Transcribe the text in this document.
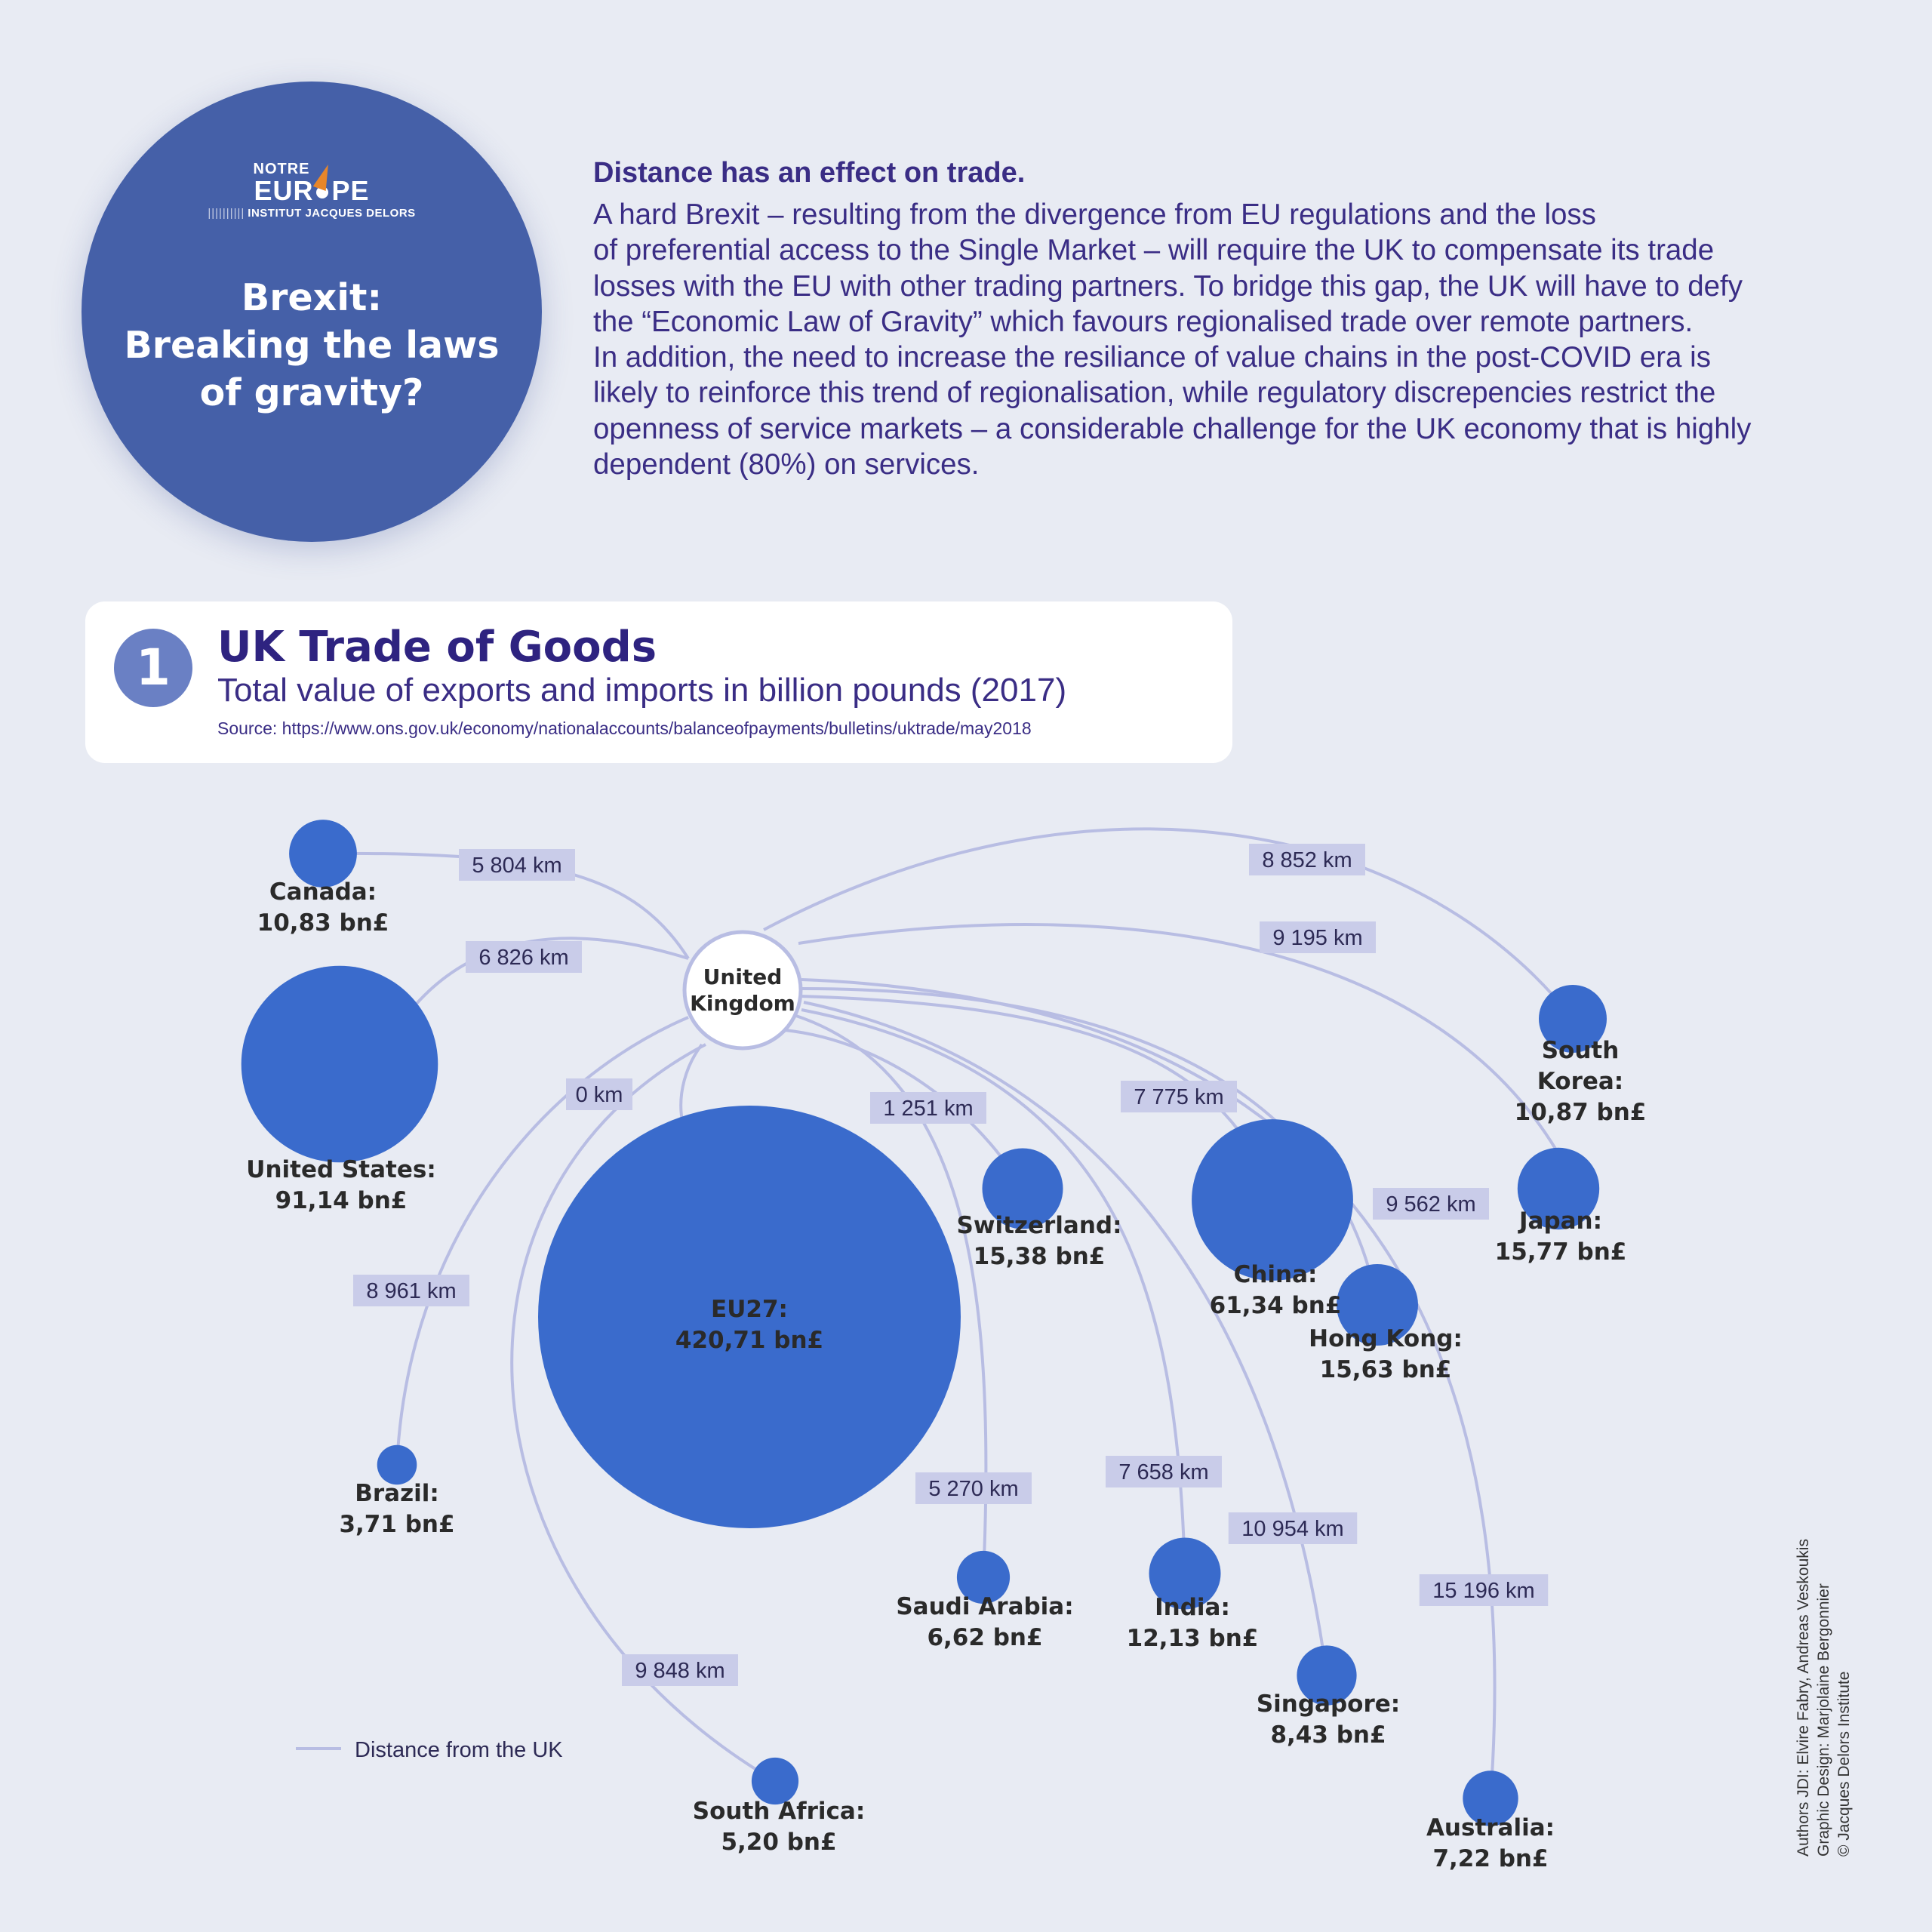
NOTRE
EUR PE
|||||||||| INSTITUT JACQUES DELORS
Brexit:
Breaking the laws
of gravity?
Distance has an effect on trade.
A hard Brexit – resulting from the divergence from EU regulations and the loss
of preferential access to the Single Market – will require the UK to compensate its trade
losses with the EU with other trading partners. To bridge this gap, the UK will have to defy
the “Economic Law of Gravity” which favours regionalised trade over remote partners.
In addition, the need to increase the resiliance of value chains in the post-COVID era is
likely to reinforce this trend of regionalisation, while regulatory discrepencies restrict the
openness of service markets – a considerable challenge for the UK economy that is highly
dependent (80%) on services.
1	UK Trade of Goods
Total value of exports and imports in billion pounds (2017)
Source: https://www.ons.gov.uk/economy/nationalaccounts/balanceofpayments/bulletins/uktrade/may2018
5 804 km
6 826 km
8 961 km
0 km
9 848 km
1 251 km
5 270 km
7 775 km
7 658 km
10 954 km
9 562 km
8 852 km
9 195 km
15 196 km
Canada:
10,83 bn£
United States:
91,14 bn£
Brazil:
3,71 bn£
EU27:
420,71 bn£
South Africa:
5,20 bn£
Switzerland:
15,38 bn£
Saudi Arabia:
6,62 bn£
China:
61,34 bn£
India:
12,13 bn£
Singapore:
8,43 bn£
Hong Kong:
15,63 bn£
South
Korea:
10,87 bn£
Japan:
15,77 bn£
Australia:
7,22 bn£
United
Kingdom
Distance from the UK	Authors JDI: Elvire Fabry, Andreas Veskoukis Graphic Design: Marjolaine Bergonnier © Jacques Delors Institute
